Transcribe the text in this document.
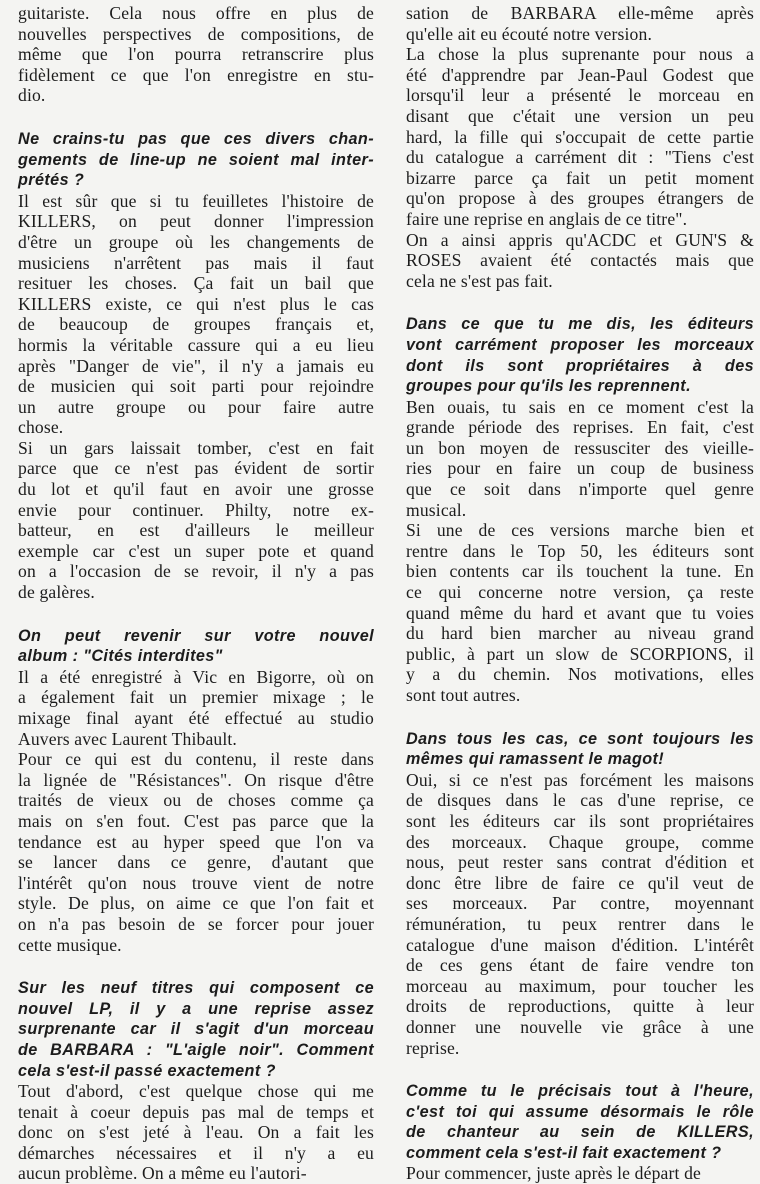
guitariste. Cela nous offre en plus de

nouvelles perspectives de compositions, de

même que l'on pourra retranscrire plus

fidèlement ce que l'on enregistre en stu-

dio.

Ne crains-tu pas que ces divers chan-

gements de line-up ne soient mal inter-

prétés ?

Il est sûr que si tu feuilletes l'histoire de

KILLERS, on peut donner l'impression

d'être un groupe où les changements de

musiciens n'arrêtent pas mais il faut

resituer les choses. Ça fait un bail que

KILLERS existe, ce qui n'est plus le cas

de beaucoup de groupes français et,

hormis la véritable cassure qui a eu lieu

après "Danger de vie", il n'y a jamais eu

de musicien qui soit parti pour rejoindre

un autre groupe ou pour faire autre

chose.

Si un gars laissait tomber, c'est en fait

parce que ce n'est pas évident de sortir

du lot et qu'il faut en avoir une grosse

envie pour continuer. Philty, notre ex-

batteur, en est d'ailleurs le meilleur

exemple car c'est un super pote et quand

on a l'occasion de se revoir, il n'y a pas

de galères.

On peut revenir sur votre nouvel

album : "Cités interdites"

Il a été enregistré à Vic en Bigorre, où on

a également fait un premier mixage ; le

mixage final ayant été effectué au studio

Auvers avec Laurent Thibault.

Pour ce qui est du contenu, il reste dans

la lignée de "Résistances". On risque d'être

traités de vieux ou de choses comme ça

mais on s'en fout. C'est pas parce que la

tendance est au hyper speed que l'on va

se lancer dans ce genre, d'autant que

l'intérêt qu'on nous trouve vient de notre

style. De plus, on aime ce que l'on fait et

on n'a pas besoin de se forcer pour jouer

cette musique.

Sur les neuf titres qui composent ce

nouvel LP, il y a une reprise assez

surprenante car il s'agit d'un morceau

de BARBARA : "L'aigle noir". Comment

cela s'est-il passé exactement ?

Tout d'abord, c'est quelque chose qui me

tenait à coeur depuis pas mal de temps et

donc on s'est jeté à l'eau. On a fait les

démarches nécessaires et il n'y a eu

aucun problème. On a même eu l'autori-

sation de BARBARA elle-même après

qu'elle ait eu écouté notre version.

La chose la plus suprenante pour nous a

été d'apprendre par Jean-Paul Godest que

lorsqu'il leur a présenté le morceau en

disant que c'était une version un peu

hard, la fille qui s'occupait de cette partie

du catalogue a carrément dit : "Tiens c'est

bizarre parce ça fait un petit moment

qu'on propose à des groupes étrangers de

faire une reprise en anglais de ce titre".

On a ainsi appris qu'ACDC et GUN'S &

ROSES avaient été contactés mais que

cela ne s'est pas fait.

Dans ce que tu me dis, les éditeurs

vont carrément proposer les morceaux

dont ils sont propriétaires à des

groupes pour qu'ils les reprennent.

Ben ouais, tu sais en ce moment c'est la

grande période des reprises. En fait, c'est

un bon moyen de ressusciter des vieille-

ries pour en faire un coup de business

que ce soit dans n'importe quel genre

musical.

Si une de ces versions marche bien et

rentre dans le Top 50, les éditeurs sont

bien contents car ils touchent la tune. En

ce qui concerne notre version, ça reste

quand même du hard et avant que tu voies

du hard bien marcher au niveau grand

public, à part un slow de SCORPIONS, il

y a du chemin. Nos motivations, elles

sont tout autres.

Dans tous les cas, ce sont toujours les

mêmes qui ramassent le magot!

Oui, si ce n'est pas forcément les maisons

de disques dans le cas d'une reprise, ce

sont les éditeurs car ils sont propriétaires

des morceaux. Chaque groupe, comme

nous, peut rester sans contrat d'édition et

donc être libre de faire ce qu'il veut de

ses morceaux. Par contre, moyennant

rémunération, tu peux rentrer dans le

catalogue d'une maison d'édition. L'intérêt

de ces gens étant de faire vendre ton

morceau au maximum, pour toucher les

droits de reproductions, quitte à leur

donner une nouvelle vie grâce à une

reprise.

Comme tu le précisais tout à l'heure,

c'est toi qui assume désormais le rôle

de chanteur au sein de KILLERS,

comment cela s'est-il fait exactement ?

Pour commencer, juste après le départ de
